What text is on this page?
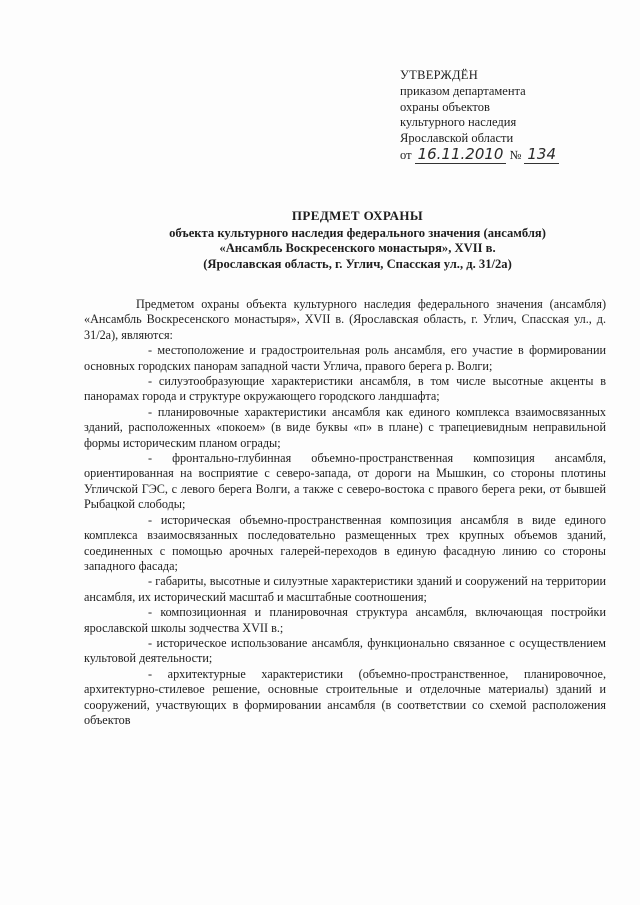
УТВЕРЖДЁН
приказом департамента
охраны объектов
культурного наследия
Ярославской области
от 16.11.2010 № 134
ПРЕДМЕТ ОХРАНЫ
объекта культурного наследия федерального значения (ансамбля)
«Ансамбль Воскресенского монастыря», XVII в.
(Ярославская область, г. Углич, Спасская ул., д. 31/2а)

Предметом охраны объекта культурного наследия федерального значения (ансамбля) «Ансамбль Воскресенского монастыря», XVII в. (Ярославская область, г. Углич, Спасская ул., д. 31/2а), являются:

- местоположение и градостроительная роль ансамбля, его участие в формировании основных городских панорам западной части Углича, правого берега р. Волги;

- силуэтообразующие характеристики ансамбля, в том числе высотные акценты в панорамах города и структуре окружающего городского ландшафта;

- планировочные характеристики ансамбля как единого комплекса взаимосвязанных зданий, расположенных «покоем» (в виде буквы «п» в плане) с трапециевидным неправильной формы историческим планом ограды;

- фронтально-глубинная объемно-пространственная композиция ансамбля, ориентированная на восприятие с северо-запада, от дороги на Мышкин, со стороны плотины Угличской ГЭС, с левого берега Волги, а также с северо-востока с правого берега реки, от бывшей Рыбацкой слободы;

- историческая объемно-пространственная композиция ансамбля в виде единого комплекса взаимосвязанных последовательно размещенных трех крупных объемов зданий, соединенных с помощью арочных галерей-переходов в единую фасадную линию со стороны западного фасада;

- габариты, высотные и силуэтные характеристики зданий и сооружений на территории ансамбля, их исторический масштаб и масштабные соотношения;

- композиционная и планировочная структура ансамбля, включающая постройки ярославской школы зодчества XVII в.;

- историческое использование ансамбля, функционально связанное с осуществлением культовой деятельности;

- архитектурные характеристики (объемно-пространственное, планировочное, архитектурно-стилевое решение, основные строительные и отделочные материалы) зданий и сооружений, участвующих в формировании ансамбля (в соответствии со схемой расположения объектов
